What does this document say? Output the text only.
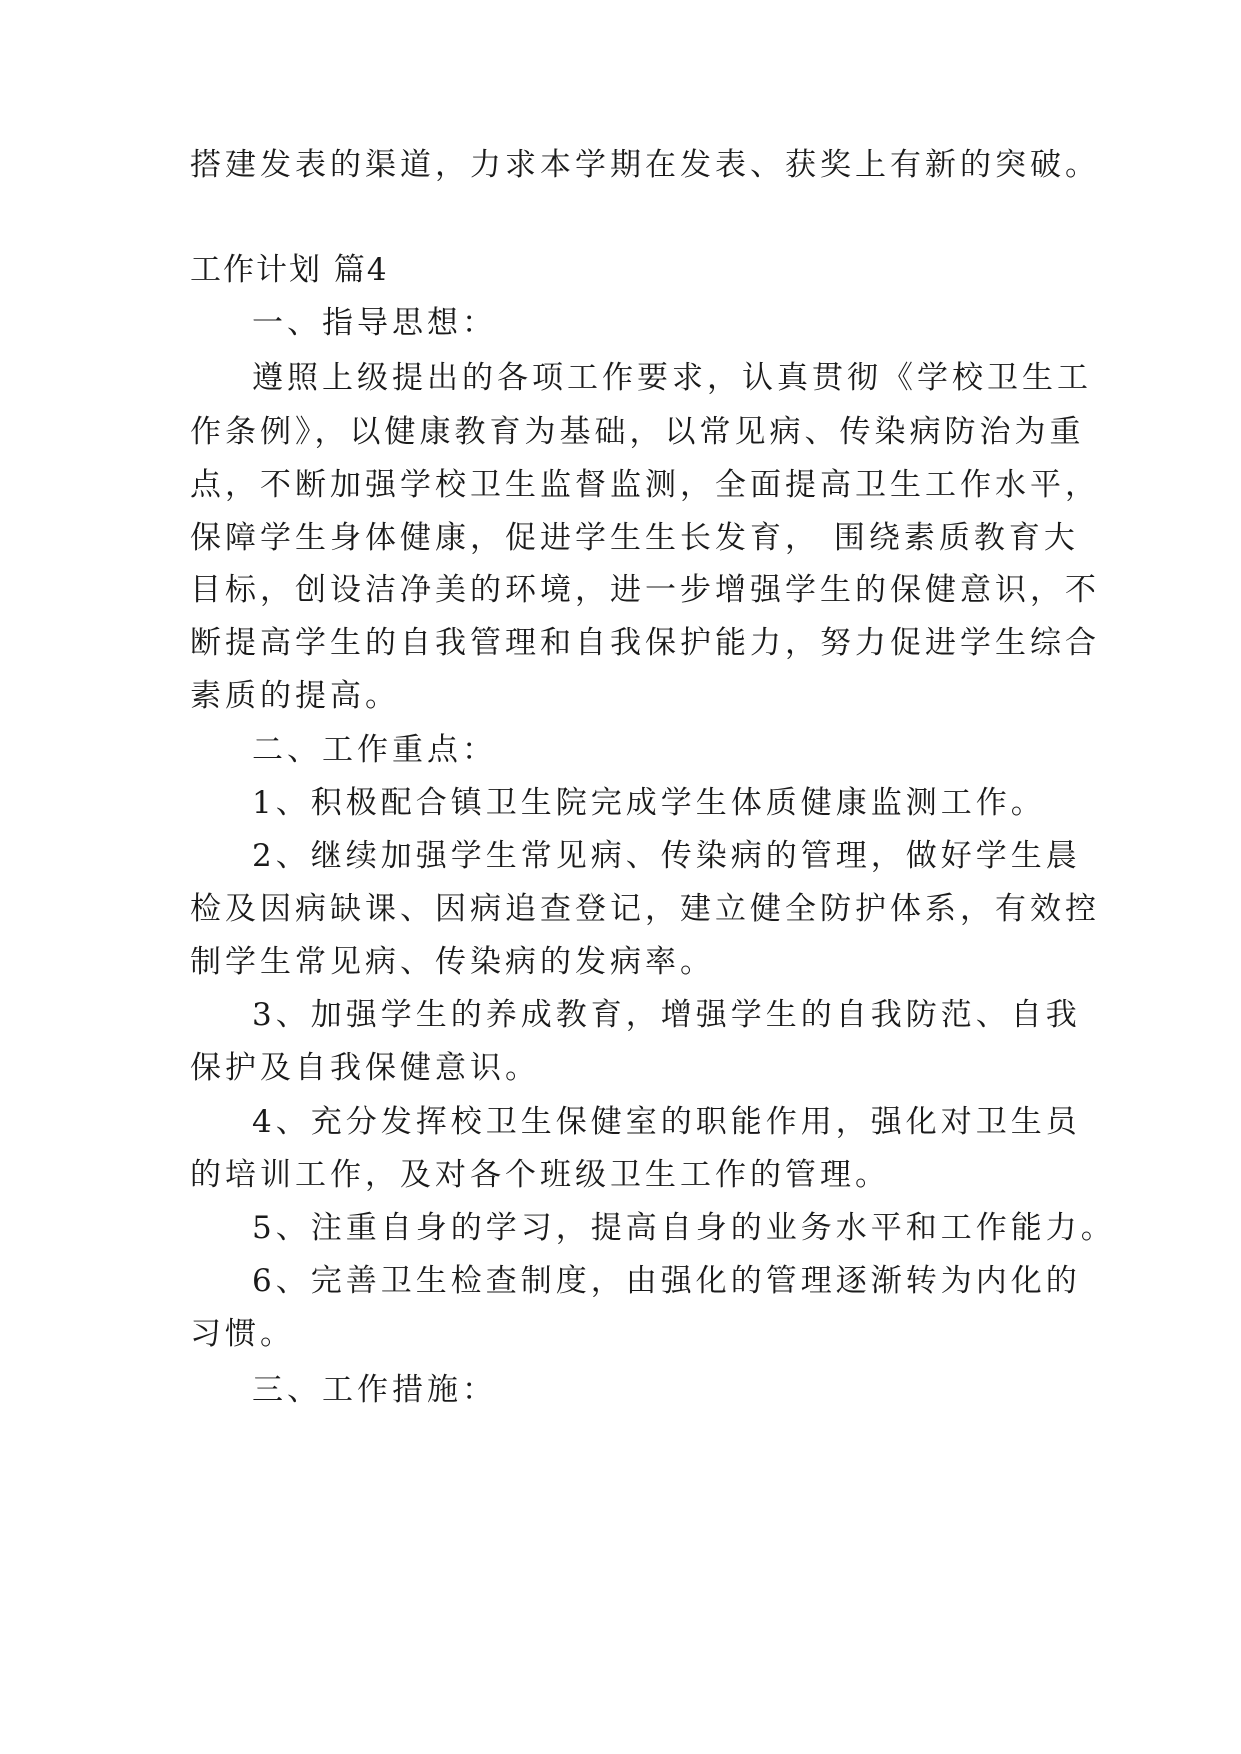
搭建发表的渠道，力求本学期在发表、获奖上有新的突破。
工作计划 篇4
一、指导思想：
遵照上级提出的各项工作要求，认真贯彻《学校卫生工
作条例》，以健康教育为基础，以常见病、传染病防治为重
点，不断加强学校卫生监督监测，全面提高卫生工作水平，
保障学生身体健康，促进学生生长发育， 围绕素质教育大
目标，创设洁净美的环境，进一步增强学生的保健意识，不
断提高学生的自我管理和自我保护能力，努力促进学生综合
素质的提高。
二、工作重点：
1、积极配合镇卫生院完成学生体质健康监测工作。
2、继续加强学生常见病、传染病的管理，做好学生晨
检及因病缺课、因病追查登记，建立健全防护体系，有效控
制学生常见病、传染病的发病率。
3、加强学生的养成教育，增强学生的自我防范、自我
保护及自我保健意识。
4、充分发挥校卫生保健室的职能作用，强化对卫生员
的培训工作，及对各个班级卫生工作的管理。
5、注重自身的学习，提高自身的业务水平和工作能力。
6、完善卫生检查制度，由强化的管理逐渐转为内化的
习惯。
三、工作措施：
